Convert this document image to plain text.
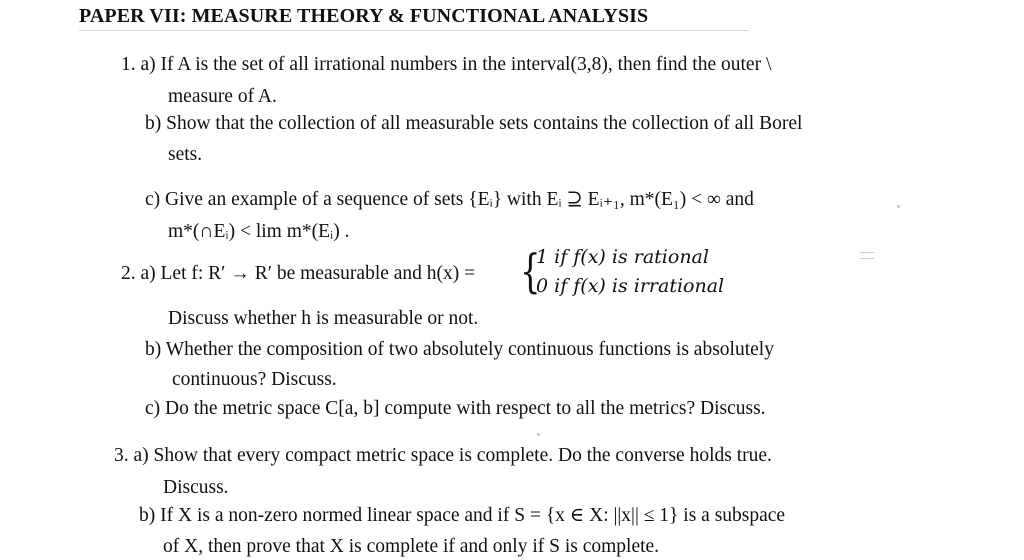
PAPER VII: MEASURE THEORY & FUNCTIONAL ANALYSIS
1. a) If A is the set of all irrational numbers in the interval(3,8), then find the outer \
measure of A.
b) Show that the collection of all measurable sets contains the collection of all Borel
sets.
c) Give an example of a sequence of sets {Eᵢ} with Eᵢ ⊇ Eᵢ₊₁, m*(E₁) < ∞ and
m*(∩Eᵢ) < lim m*(Eᵢ) .
2. a) Let f: R′ → R′ be measurable and h(x) = {
1 if f(x) is rational
0 if f(x) is irrational
Discuss whether h is measurable or not.
b) Whether the composition of two absolutely continuous functions is absolutely
continuous? Discuss.
c) Do the metric space C[a, b] compute with respect to all the metrics? Discuss.
3. a) Show that every compact metric space is complete. Do the converse holds true.
Discuss.
b) If X is a non-zero normed linear space and if S = {x ∈ X: ||x|| ≤ 1} is a subspace
of X, then prove that X is complete if and only if S is complete.
